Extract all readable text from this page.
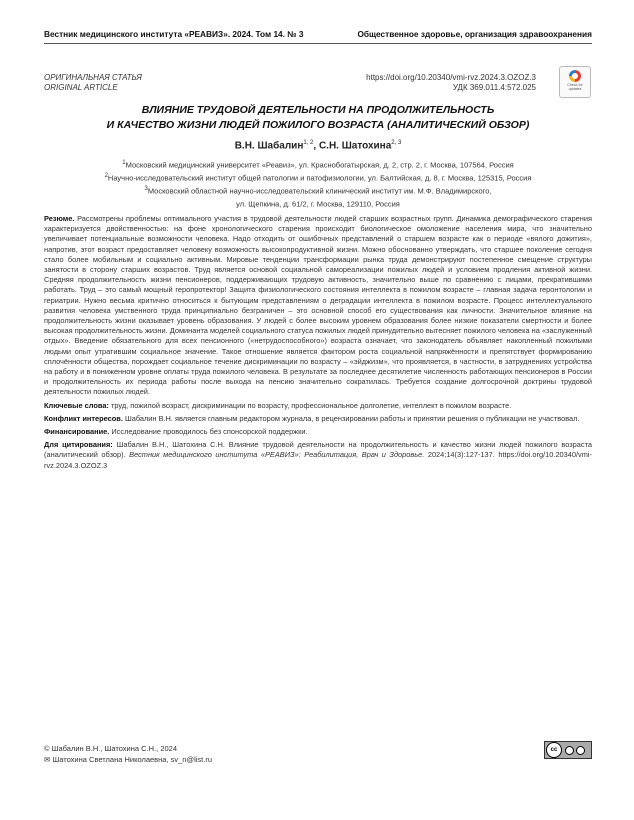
Вестник медицинского института «РЕАВИЗ». 2024. Том 14. № 3	Общественное здоровье, организация здравоохранения
ОРИГИНАЛЬНАЯ СТАТЬЯ
ORIGINAL ARTICLE
https://doi.org/10.20340/vmi-rvz.2024.3.OZOZ.3
УДК 369.011.4:572.025	Check for
updates
ВЛИЯНИЕ ТРУДОВОЙ ДЕЯТЕЛЬНОСТИ НА ПРОДОЛЖИТЕЛЬНОСТЬ
И КАЧЕСТВО ЖИЗНИ ЛЮДЕЙ ПОЖИЛОГО ВОЗРАСТА (АНАЛИТИЧЕСКИЙ ОБЗОР)
В.Н. Шабалин$^{1, 2}$, С.Н. Шатохина$^{2, 3}$
$^1$Московский медицинский университет «Реавиз», ул. Краснобогатырская, д. 2, стр. 2, г. Москва, 107564, Россия
$^2$Научно-исследовательский институт общей патологии и патофизиологии, ул. Балтийская, д. 8, г. Москва, 125315, Россия
$^3$Московский областной научно-исследовательский клинический институт им. М.Ф. Владимирского,
ул. Щепкина, д. 61/2, г. Москва, 129110, Россия

Резюме. Рассмотрены проблемы оптимального участия в трудовой деятельности людей старших возрастных групп. Динамика демографического старения характеризуется двойственностью: на фоне хронологического старения происходит биологическое омоложение населения мира, что значительно увеличивает потенциальные возможности человека. Надо отходить от ошибочных представлений о старшем возрасте как о периоде «вялого дожития», напротив, этот возраст предоставляет человеку возможность высокопродуктивной жизни. Можно обоснованно утверждать, что старшее поколение сегодня стало более мобильным и социально активным. Мировые тенденции трансформации рынка труда демонстрируют постепенное смещение структуры занятости в сторону старших возрастов. Труд является основой социальной самореализации пожилых людей и условием продления активной жизни. Средняя продолжительность жизни пенсионеров, поддерживающих трудовую активность, значительно выше по сравнению с лицами, прекратившими работать. Труд – это самый мощный геропротектор! Защита физиологического состояния интеллекта в пожилом возрасте – главная задача геронтологии и гериатрии. Нужно весьма критично относиться к бытующим представлениям о деградации интеллекта в пожилом возрасте. Процесс интеллектуального развития человека умственного труда принципиально безграничен – это основной способ его существования как личности. Значительное влияние на продолжительность жизни оказывает уровень образования. У людей с более высоким уровнем образования более низкие показатели смертности и более высокая продолжительность жизни. Доминанта моделей социального статуса пожилых людей принудительно вытесняет пожилого человека на «заслуженный отдых». Введение обязательного для всех пенсионного («нетрудоспособного») возраста означает, что законодатель объявляет накопленный пожилыми людьми опыт утратившим социальное значение. Такое отношение является фактором роста социальной напряжённости и препятствует формированию сплочённости общества, порождает социальное течение дискриминации по возрасту – «эйджизм», что проявляется, в частности, в затруднениях устройства на работу и в пониженном уровне оплаты труда пожилого человека. В результате за последнее десятилетие численность работающих пенсионеров в России и продолжительность их периода работы после выхода на пенсию значительно сократилась. Требуется создание долгосрочной доктрины трудовой деятельности пожилых людей.

Ключевые слова: труд, пожилой возраст, дискриминации по возрасту, профессиональное долголетие, интеллект в пожилом возрасте.

Конфликт интересов. Шабалин В.Н. является главным редактором журнала, в рецензировании работы и принятии решения о публикации не участвовал.

Финансирование. Исследование проводилось без спонсорской поддержки.

Для цитирования: Шабалин В.Н., Шатохина С.Н. Влияние трудовой деятельности на продолжительность и качество жизни людей пожилого возраста (аналитический обзор). Вестник медицинского института «РЕАВИЗ»: Реабилитация, Врач и Здоровье. 2024;14(3):127-137. https://doi.org/10.20340/vmi-rvz.2024.3.OZOZ.3

© Шабалин В.Н., Шатохина С.Н., 2024
✉ Шатохина Светлана Николаевна, sv_n@list.ru
cc
